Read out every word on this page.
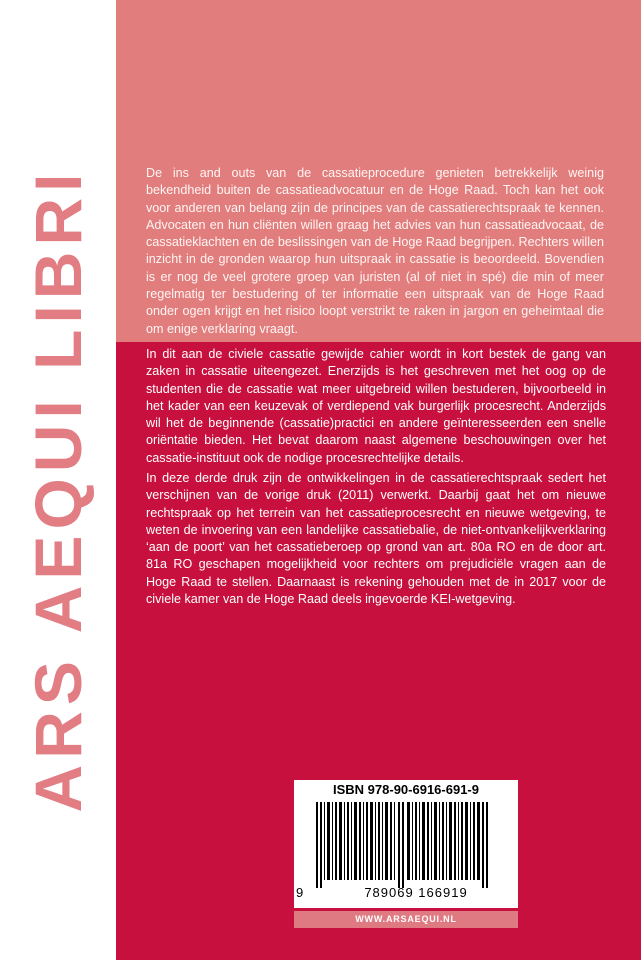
ARS AEQUI LIBRI	De ins and outs van de cassatieprocedure genieten betrekkelijk weinig bekendheid buiten de cassatieadvocatuur en de Hoge Raad. Toch kan het ook voor anderen van belang zijn de principes van de cassatierechtspraak te kennen. Advocaten en hun cliënten willen graag het advies van hun cassatieadvocaat, de cassatieklachten en de beslissingen van de Hoge Raad begrijpen. Rechters willen inzicht in de gronden waarop hun uitspraak in cassatie is beoordeeld. Bovendien is er nog de veel grotere groep van juristen (al of niet in spé) die min of meer regelmatig ter bestudering of ter informatie een uitspraak van de Hoge Raad onder ogen krijgt en het risico loopt verstrikt te raken in jargon en geheimtaal die om enige verklaring vraagt.

In dit aan de civiele cassatie gewijde cahier wordt in kort bestek de gang van zaken in cassatie uiteengezet. Enerzijds is het geschreven met het oog op de studenten die de cassatie wat meer uitgebreid willen bestuderen, bijvoorbeeld in het kader van een keuzevak of verdiepend vak burgerlijk procesrecht. Anderzijds wil het de beginnende (cassatie)practici en andere geïnteresseerden een snelle oriëntatie bieden. Het bevat daarom naast algemene beschouwingen over het cassatie-instituut ook de nodige procesrechtelijke details.

In deze derde druk zijn de ontwikkelingen in de cassatierechtspraak sedert het verschijnen van de vorige druk (2011) verwerkt. Daarbij gaat het om nieuwe rechtspraak op het terrein van het cassatieprocesrecht en nieuwe wetgeving, te weten de invoering van een landelijke cassatiebalie, de niet-ontvankelijkverklaring ‘aan de poort’ van het cassatieberoep op grond van art. 80a RO en de door art. 81a RO geschapen mogelijkheid voor rechters om prejudiciële vragen aan de Hoge Raad te stellen. Daarnaast is rekening gehouden met de in 2017 voor de civiele kamer van de Hoge Raad deels ingevoerde KEI-wetgeving.

ISBN 978-90-6916-691-9
9	789069 166919
WWW.ARSAEQUI.NL
